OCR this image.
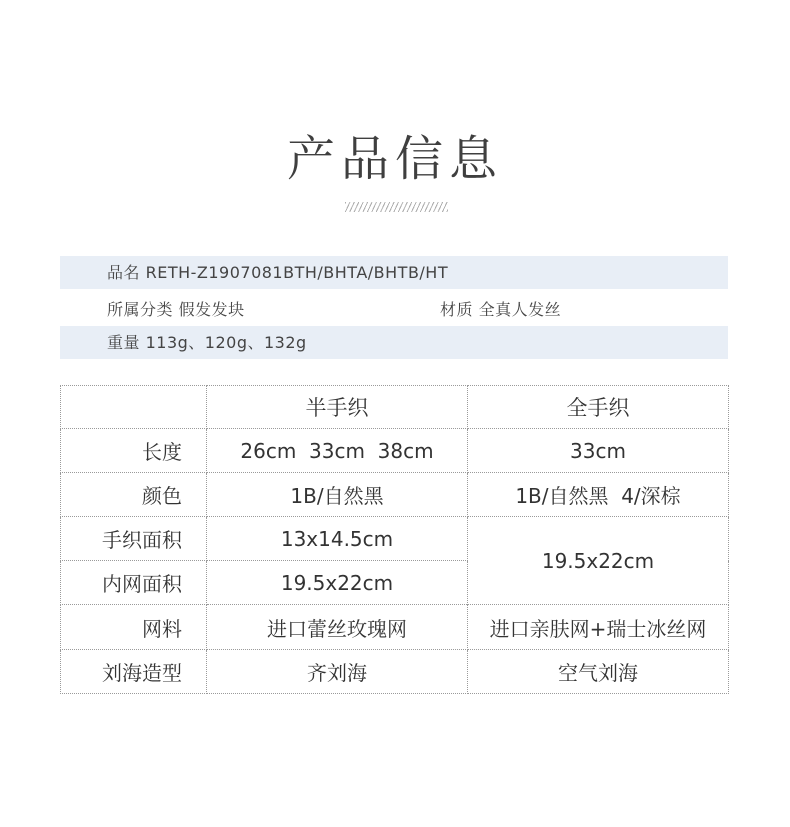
产品信息
品名 RETH-Z1907081BTH/BHTA/BHTB/HT
所属分类 假发发块	材质 全真人发丝
重量 113g、120g、132g
	半手织	全手织
长度	26cm  33cm  38cm	33cm
颜色	1B/自然黑	1B/自然黑  4/深棕
手织面积	13x14.5cm	19.5x22cm
内网面积	19.5x22cm	
网料	进口蕾丝玫瑰网	进口亲肤网+瑞士冰丝网
刘海造型	齐刘海	空气刘海
